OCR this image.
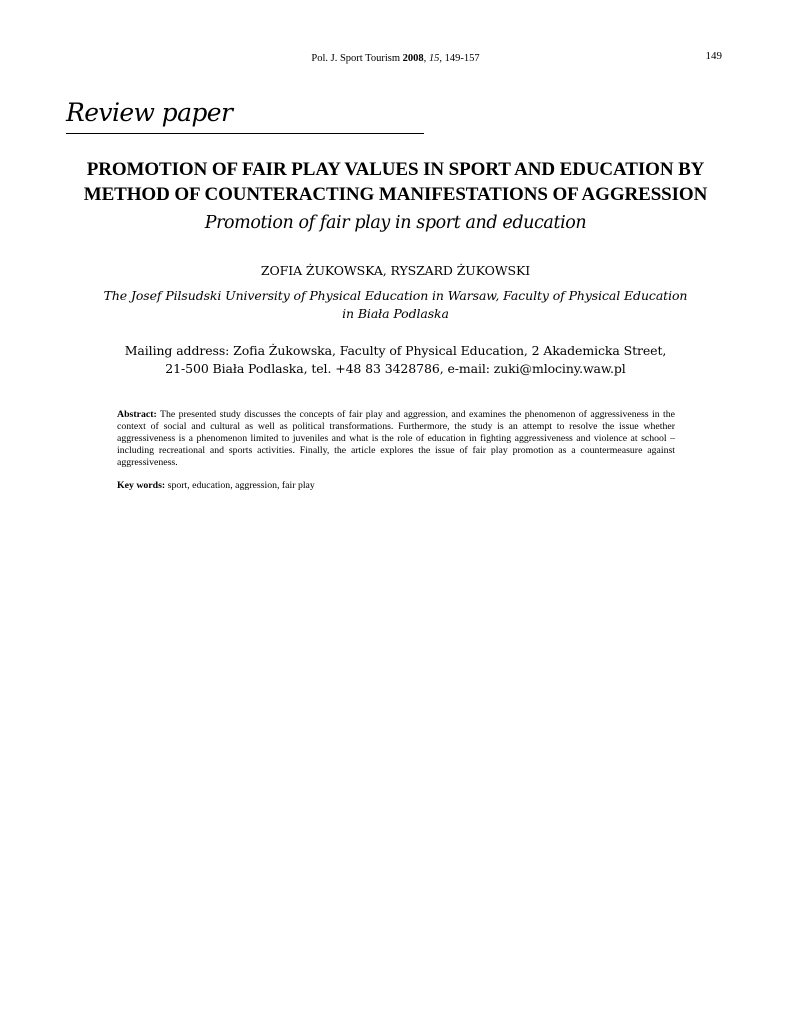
Pol. J. Sport Tourism 2008, 15, 149-157	149
Review paper
PROMOTION OF FAIR PLAY VALUES IN SPORT AND EDUCATION BY
METHOD OF COUNTERACTING MANIFESTATIONS OF AGGRESSION
Promotion of fair play in sport and education
ZOFIA ŻUKOWSKA, RYSZARD ŻUKOWSKI
The Josef Pilsudski University of Physical Education in Warsaw, Faculty of Physical Education
in Biała Podlaska
Mailing address: Zofia Żukowska, Faculty of Physical Education, 2 Akademicka Street,
21-500 Biała Podlaska, tel. +48 83 3428786, e-mail: zuki@mlociny.waw.pl
Abstract: The presented study discusses the concepts of fair play and aggression, and examines the phenomenon of aggressiveness in the context of social and cultural as well as political transformations. Furthermore, the study is an attempt to resolve the issue whether aggressiveness is a phenomenon limited to juveniles and what is the role of education in fighting aggressiveness and violence at school – including recreational and sports activities. Finally, the article explores the issue of fair play promotion as a countermeasure against aggressiveness.
Key words: sport, education, aggression, fair play
